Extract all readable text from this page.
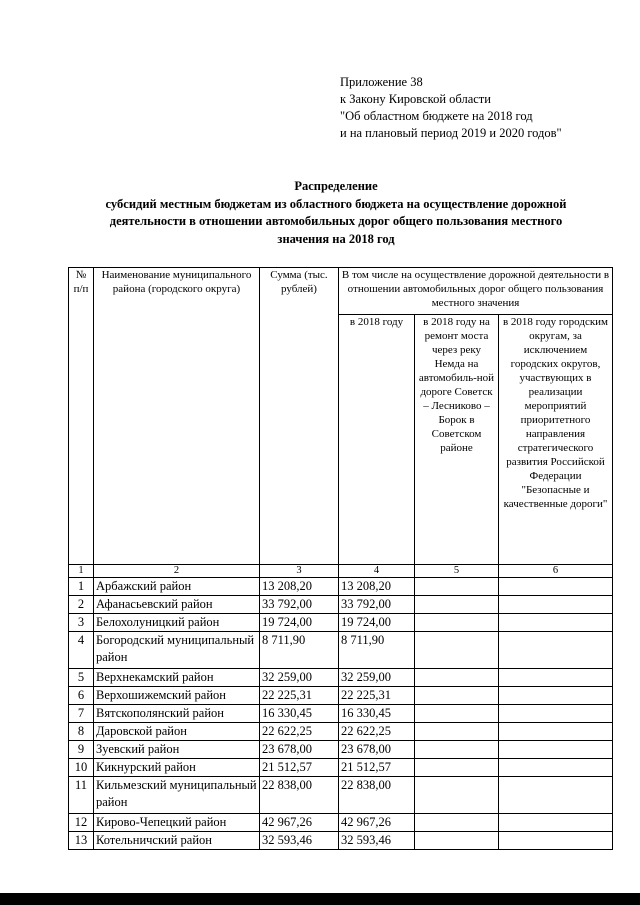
Приложение 38
к Закону Кировской области
"Об областном бюджете на 2018 год
и на плановый период 2019 и 2020 годов"
Распределение
субсидий местным бюджетам из областного бюджета на осуществление дорожной
деятельности в отношении автомобильных дорог общего пользования местного
значения на 2018 год
№ п/п	Наименование муниципального района (городского округа)	Сумма (тыс. рублей)	В том числе на осуществление дорожной деятельности в отношении автомобильных дорог общего пользования местного значения		
			в 2018 году	в 2018 году на ремонт моста через реку Немда на автомобиль-ной дороге Советск – Лесниково – Борок в Советском районе	в 2018 году городским округам, за исключением городских округов, участвующих в реализации мероприятий приоритетного направления стратегического развития Российской Федерации "Безопасные и качественные дороги"
1	2	3	4	5	6
1	Арбажский район	13 208,20	13 208,20		
2	Афанасьевский район	33 792,00	33 792,00		
3	Белохолуницкий район	19 724,00	19 724,00		
4	Богородский муниципальный район	8 711,90	8 711,90		
5	Верхнекамский район	32 259,00	32 259,00		
6	Верхошижемский район	22 225,31	22 225,31		
7	Вятскополянский район	16 330,45	16 330,45		
8	Даровской район	22 622,25	22 622,25		
9	Зуевский район	23 678,00	23 678,00		
10	Кикнурский район	21 512,57	21 512,57		
11	Кильмезский муниципальный район	22 838,00	22 838,00		
12	Кирово-Чепецкий район	42 967,26	42 967,26		
13	Котельничский район	32 593,46	32 593,46		
